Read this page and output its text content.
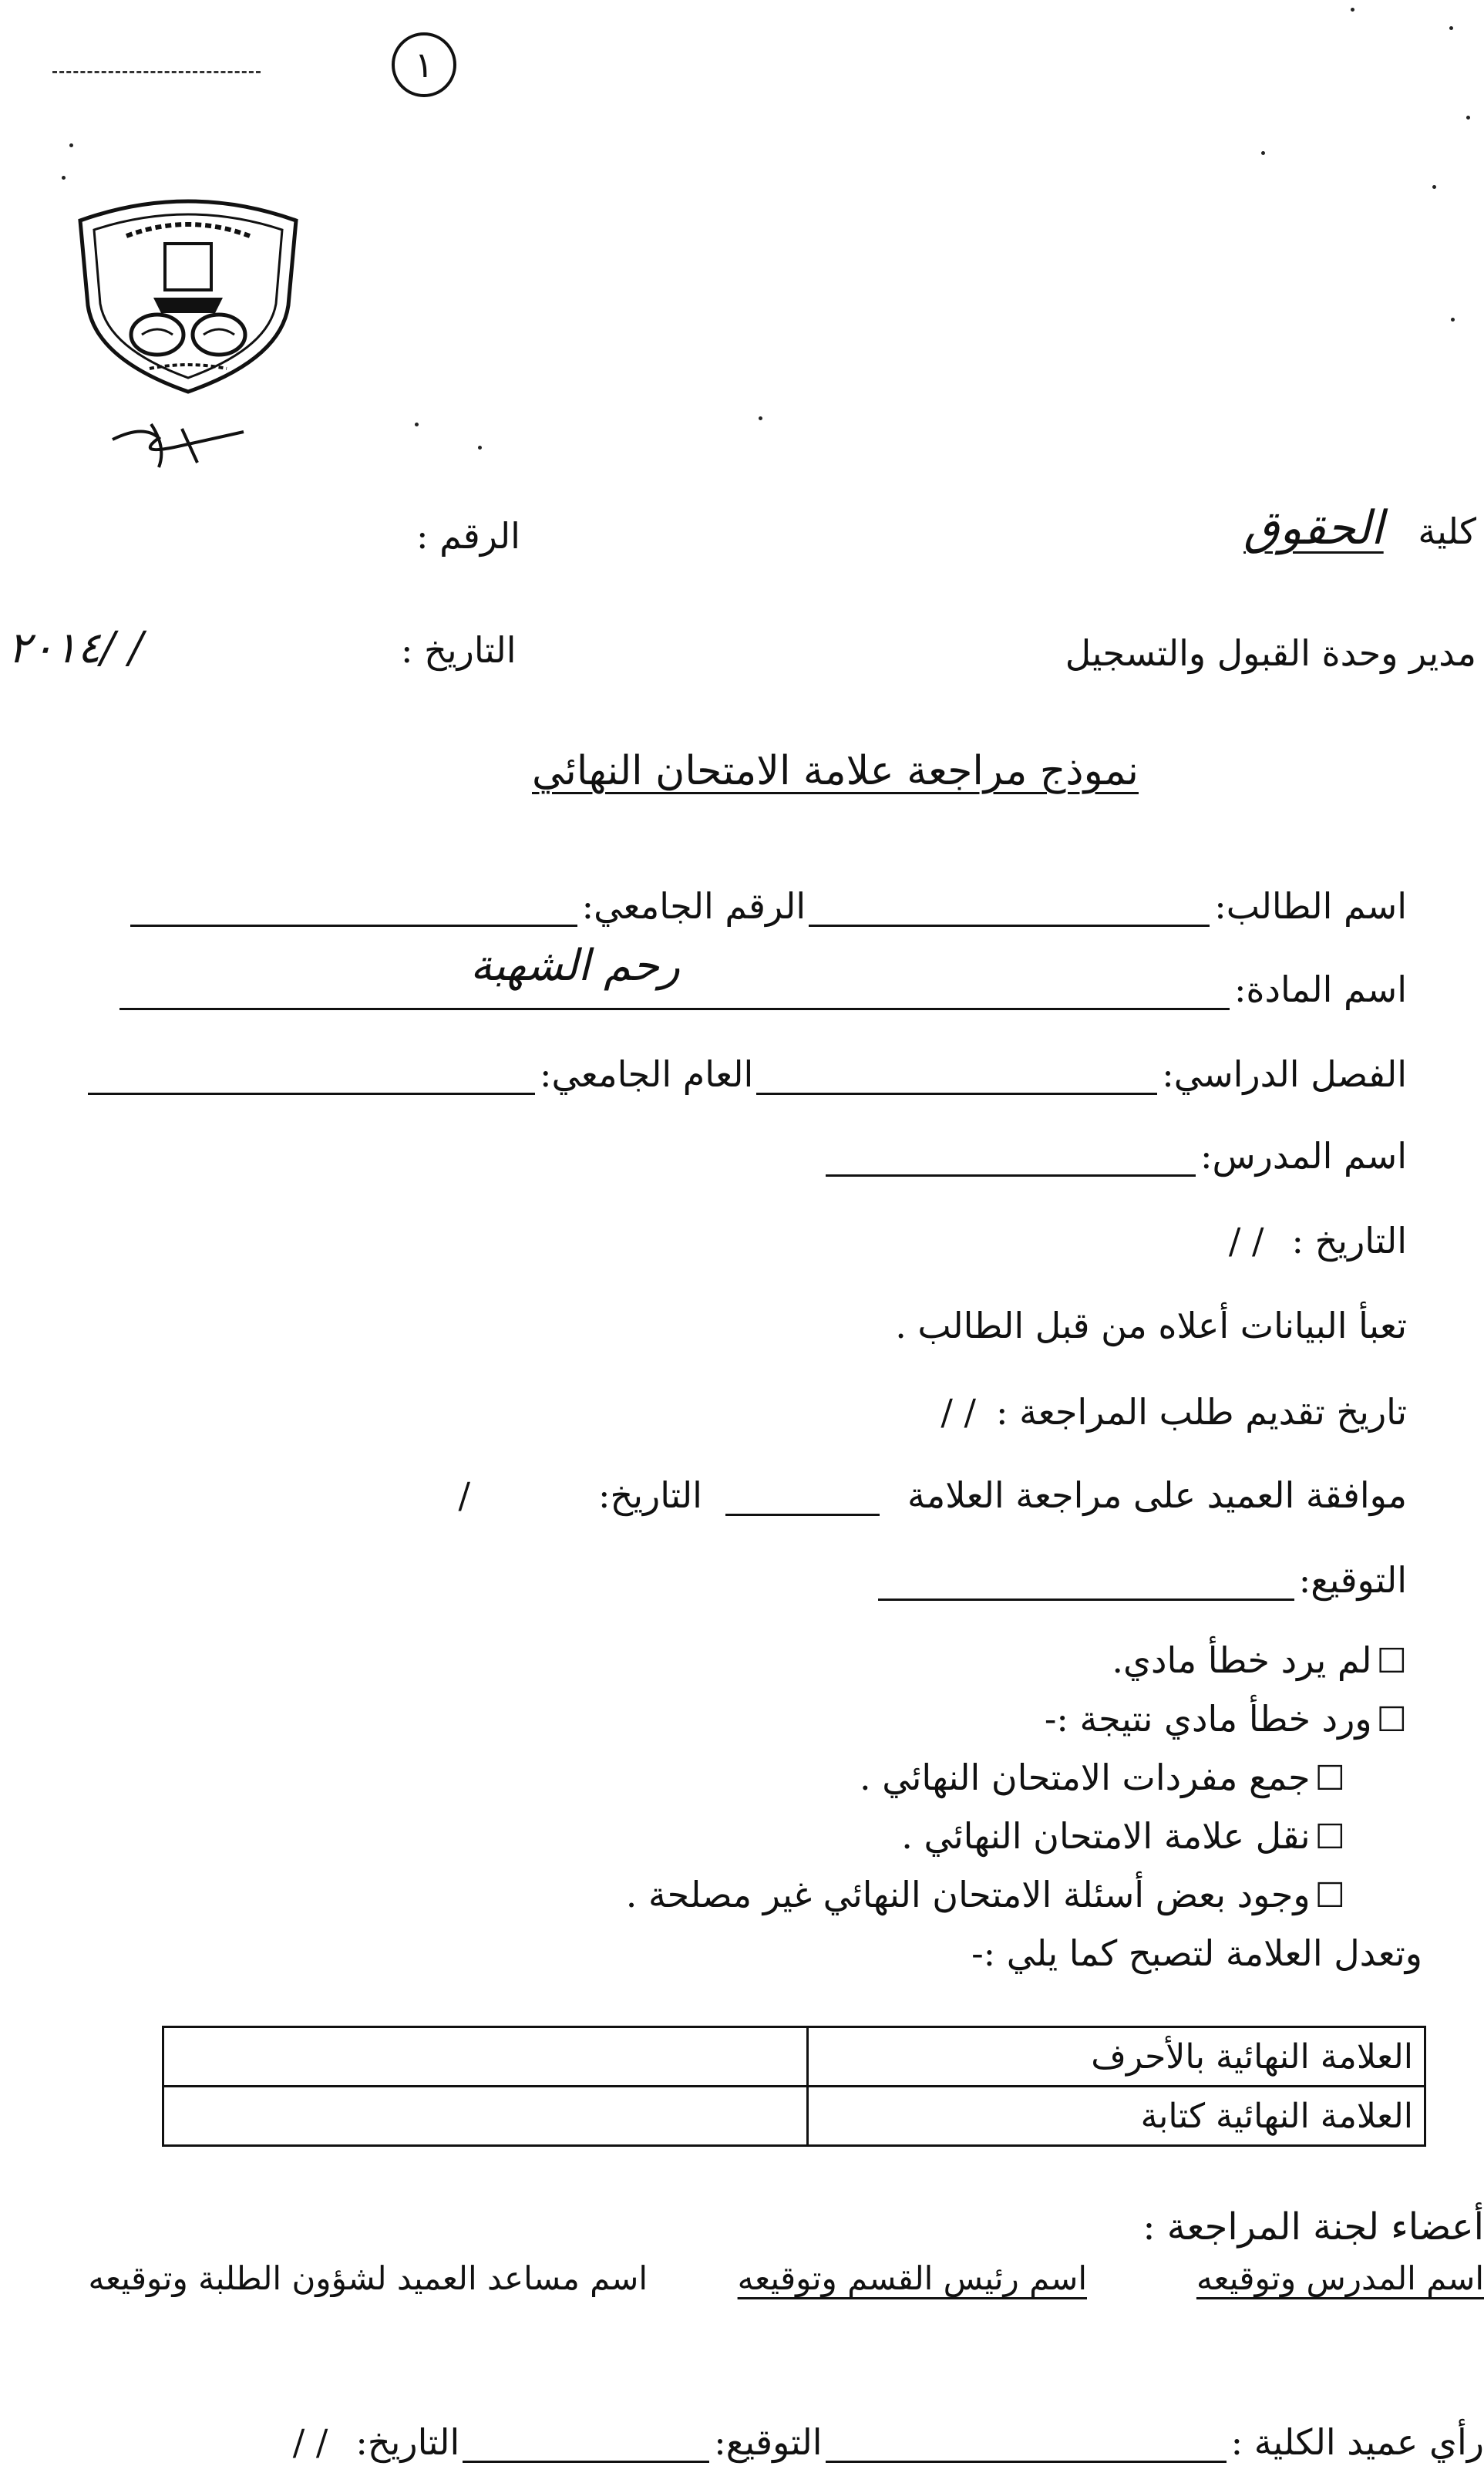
١
كلية الحقوق
الرقم :
مدير وحدة القبول والتسجيل
التاريخ :
٢٠١٤/ /
نموذج مراجعة علامة الامتحان النهائي
اسم الطالب:
الرقم الجامعي:
اسم المادة:
رحم الشهبة
الفصل الدراسي:
العام الجامعي:
اسم المدرس:
التاريخ :
/ /
تعبأ البيانات أعلاه من قبل الطالب .
تاريخ تقديم طلب المراجعة :
/ /
موافقة العميد على مراجعة العلامة
التاريخ:
/
التوقيع:
☐
لم يرد خطأ مادي.
☐
ورد خطأ مادي نتيجة :-
☐
جمع مفردات الامتحان النهائي .
☐
نقل علامة الامتحان النهائي .
☐
وجود بعض أسئلة الامتحان النهائي غير مصلحة .
وتعدل العلامة لتصبح كما يلي :-
العلامة النهائية بالأحرف	
العلامة النهائية كتابة	
أعضاء لجنة المراجعة :
اسم المدرس وتوقيعه
اسم رئيس القسم وتوقيعه
اسم مساعد العميد لشؤون الطلبة وتوقيعه
رأي عميد الكلية :
التوقيع:
التاريخ:
/ /
